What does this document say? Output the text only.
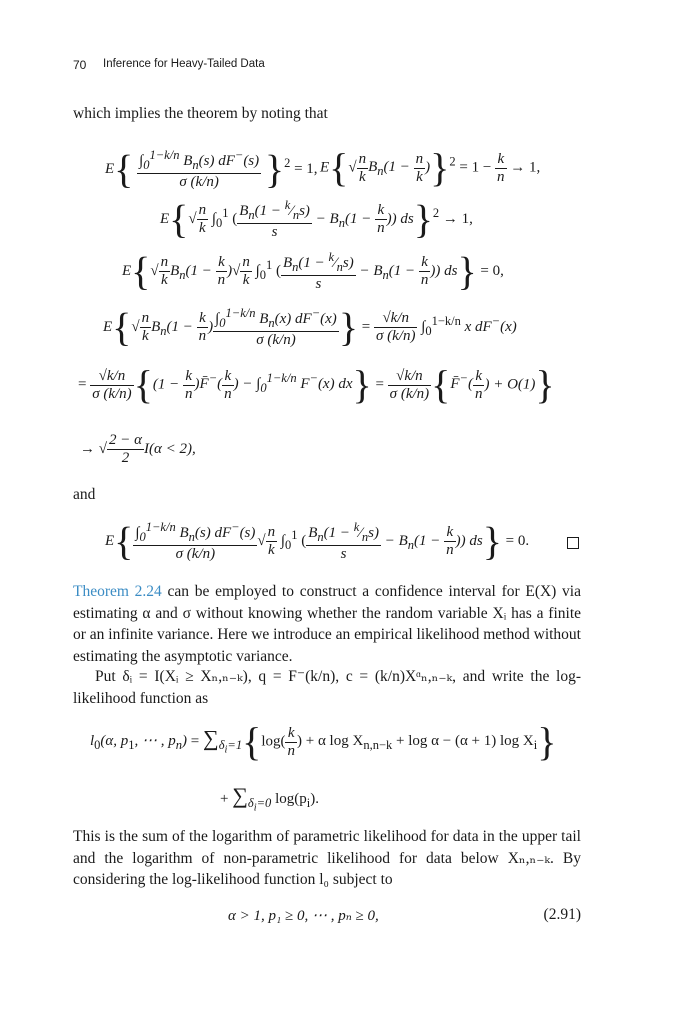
70 Inference for Heavy-Tailed Data
which implies the theorem by noting that
$E\{ \frac{\int_0^{1-k/n} B_n(s) dF^-(s)}{\sigma (k/n)} \}^2 = 1$, $E\{√ \frac{n}{k} B_n(1 - \frac{n}{k} )\}^2 = 1 - \frac{k}{n} \to 1$,
$E\{√ \frac{n}{k} \int_0^1$ ( $\frac{B_n(1 - ^k⁄_ns)}{s} - B_n(1 - \frac{k}{n}$ )) ds}$^2$ → 1,
$E\{√ \frac{n}{k} B_n(1 - \frac{k}{n}$ )√ $\frac{n}{k} \int_0^1$ ( $\frac{B_n(1 - ^k⁄_ns)}{s} - B_n(1 - \frac{k}{n}$ )) ds} = 0,
$E\{√ \frac{n}{k} B_n(1 - \frac{k}{n}$ ) $\frac{\int_0^{1-k/n} B_n(x) dF^-(x)}{\sigma (k/n)}$ } = $\frac{√k/n}{\sigma (k/n)} \int_0^{1-k/n}$ x dF−(x)
= $\frac{√k/n}{\sigma (k/n)} \{(1 - \frac{k}{n}$ )F̄−( $\frac{k}{n}$ ) − $\int_0^{1-k/n}$ F−(x) $dx\} = \frac{√k/n}{\sigma (k/n)}$ {F̄−( $\frac{k}{n}$ ) + O(1)}
→ √ $\frac{2 - \alpha}{2} I(\alpha < 2)$,
and
$E\{ \frac{\int_0^{1-k/n} B_n(s) dF^-(s)}{\sigma (k/n)}$ √ $\frac{n}{k} \int_0^1$ ( $\frac{B_n(1 - ^k⁄_ns)}{s} - B_n(1 - \frac{k}{n}$ )) ds} = 0.

Theorem 2.24 can be employed to construct a confidence interval for E(X) via estimating α and σ without knowing whether the random variable Xᵢ has a finite or an infinite variance. Here we introduce an empirical likelihood method without estimating the asymptotic variance.

Put δᵢ = I(Xᵢ ≥ Xₙ,ₙ₋ₖ), q = F⁻(k/n), c = (k/n)Xᵅₙ,ₙ₋ₖ, and write the log-likelihood function as

$l_0(\alpha$, $p_1$, ⋯ , $p_n) = \sum_{\delta_i=1}\{\log( \frac{k}{n}$ ) + α $\log X_{n,n-k} + \log \alpha - (\alpha + 1)$ $\log X_i$}
+ $\sum_{\delta_i=0}$ $\log(p_i)$.

This is the sum of the logarithm of parametric likelihood for data in the upper tail and the logarithm of non-parametric likelihood for data below Xₙ,ₙ₋ₖ. By considering the log-likelihood function l₀ subject to

α > 1, p₁ ≥ 0, ⋯ , pₙ ≥ 0,	(2.91)
